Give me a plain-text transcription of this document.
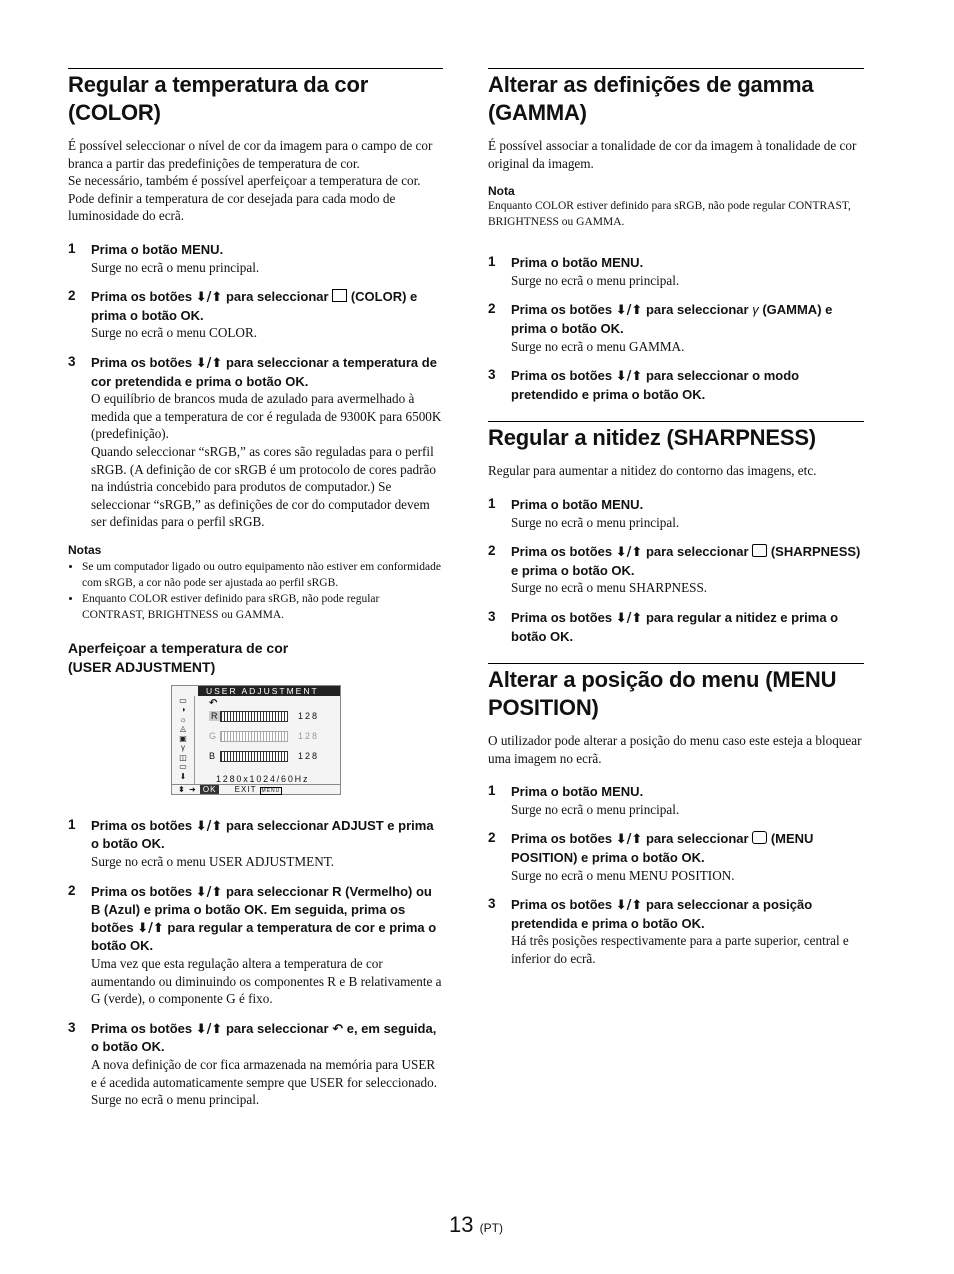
Regular a temperatura da cor (COLOR)

É possível seleccionar o nível de cor da imagem para o campo de cor branca a partir das predefinições de temperatura de cor.

Se necessário, também é possível aperfeiçoar a temperatura de cor.

Pode definir a temperatura de cor desejada para cada modo de luminosidade do ecrã.

1 Prima o botão MENU.
Surge no ecrã o menu principal.
2 Prima os botões ⬇/⬆ para seleccionar (COLOR) e prima o botão OK.
Surge no ecrã o menu COLOR.
3 Prima os botões ⬇/⬆ para seleccionar a temperatura de cor pretendida e prima o botão OK.
O equilíbrio de brancos muda de azulado para avermelhado à medida que a temperatura de cor é regulada de 9300K para 6500K (predefinição).
Quando seleccionar “sRGB,” as cores são reguladas para o perfil sRGB. (A definição de cor sRGB é um protocolo de cores padrão na indústria concebido para produtos de computador.) Se seleccionar “sRGB,” as definições de cor do computador devem ser definidas para o perfil sRGB.
Notas
• Se um computador ligado ou outro equipamento não estiver em conformidade com sRGB, a cor não pode ser ajustada ao perfil sRGB.
• Enquanto COLOR estiver definido para sRGB, não pode regular CONTRAST, BRIGHTNESS ou GAMMA.
Aperfeiçoar a temperatura de cor
(USER ADJUSTMENT)
USER ADJUSTMENT
▭
◑
☼
◬
▣
γ
◫
▭
⬇
↶
R	128
G	128
B	128
1280x1024/60Hz
⬍ ➜ OK EXIT MENU
1 Prima os botões ⬇/⬆ para seleccionar ADJUST e prima o botão OK.
Surge no ecrã o menu USER ADJUSTMENT.
2 Prima os botões ⬇/⬆ para seleccionar R (Vermelho) ou B (Azul) e prima o botão OK. Em seguida, prima os botões ⬇/⬆ para regular a temperatura de cor e prima o botão OK.
Uma vez que esta regulação altera a temperatura de cor aumentando ou diminuindo os componentes R e B relativamente a G (verde), o componente G é fixo.
3 Prima os botões ⬇/⬆ para seleccionar ↶ e, em seguida, o botão OK.
A nova definição de cor fica armazenada na memória para USER e é acedida automaticamente sempre que USER for seleccionado.
Surge no ecrã o menu principal.
Alterar as definições de gamma (GAMMA)

É possível associar a tonalidade de cor da imagem à tonalidade de cor original da imagem.

Nota
Enquanto COLOR estiver definido para sRGB, não pode regular CONTRAST, BRIGHTNESS ou GAMMA.
1 Prima o botão MENU.
Surge no ecrã o menu principal.
2 Prima os botões ⬇/⬆ para seleccionar γ (GAMMA) e prima o botão OK.
Surge no ecrã o menu GAMMA.
3 Prima os botões ⬇/⬆ para seleccionar o modo pretendido e prima o botão OK.
Regular a nitidez (SHARPNESS)

Regular para aumentar a nitidez do contorno das imagens, etc.

1 Prima o botão MENU.
Surge no ecrã o menu principal.
2 Prima os botões ⬇/⬆ para seleccionar (SHARPNESS) e prima o botão OK.
Surge no ecrã o menu SHARPNESS.
3 Prima os botões ⬇/⬆ para regular a nitidez e prima o botão OK.
Alterar a posição do menu (MENU POSITION)

O utilizador pode alterar a posição do menu caso este esteja a bloquear uma imagem no ecrã.

1 Prima o botão MENU.
Surge no ecrã o menu principal.
2 Prima os botões ⬇/⬆ para seleccionar (MENU POSITION) e prima o botão OK.
Surge no ecrã o menu MENU POSITION.
3 Prima os botões ⬇/⬆ para seleccionar a posição pretendida e prima o botão OK.
Há três posições respectivamente para a parte superior, central e inferior do ecrã.
13 (PT)
